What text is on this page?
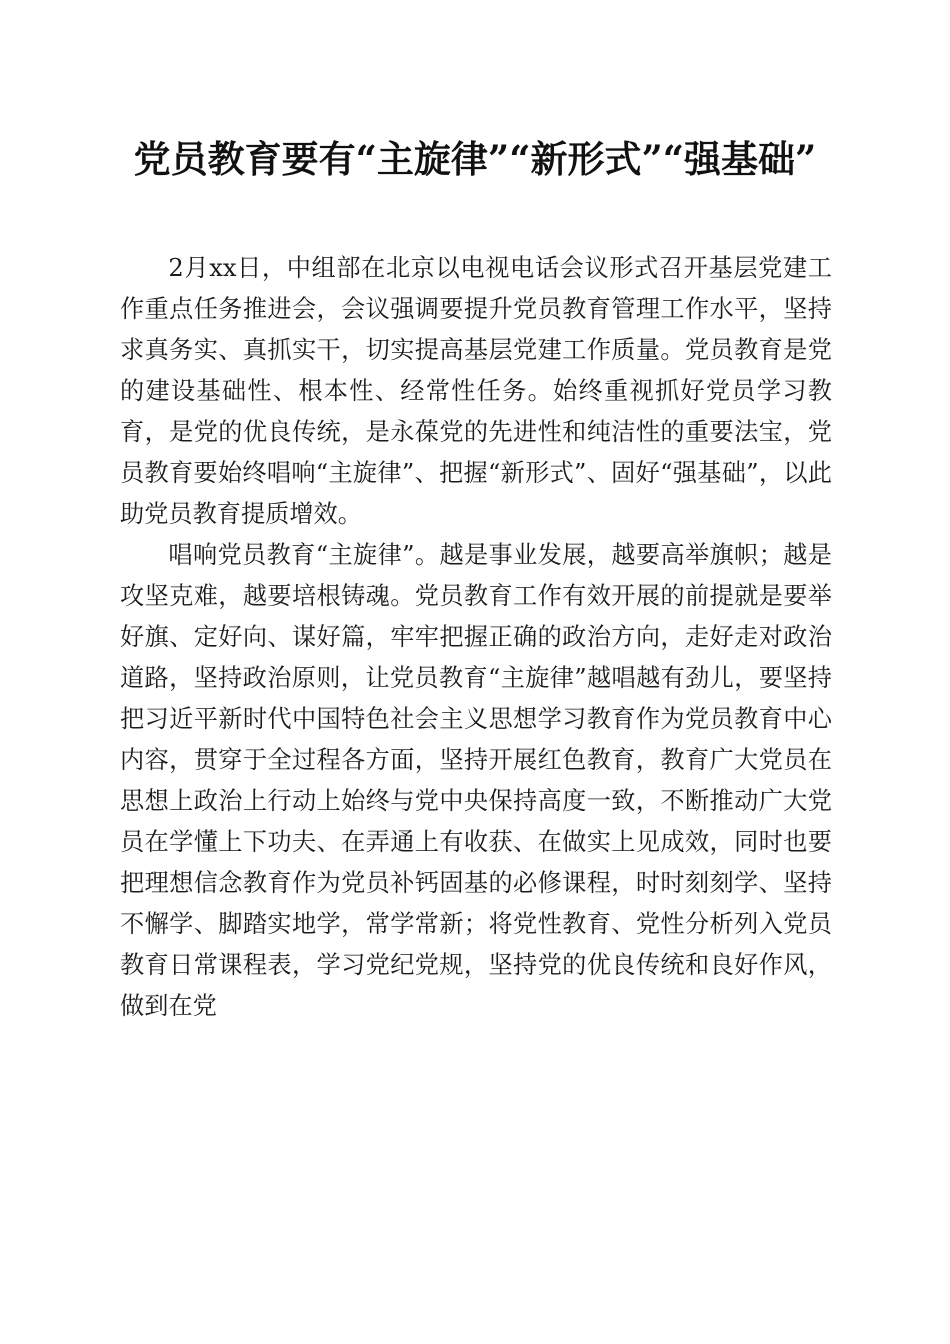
党员教育要有“主旋律”“新形式”“强基础”

2月xx日，中组部在北京以电视电话会议形式召开基层党建工作重点任务推进会，会议强调要提升党员教育管理工作水平，坚持求真务实、真抓实干，切实提高基层党建工作质量。党员教育是党的建设基础性、根本性、经常性任务。始终重视抓好党员学习教育，是党的优良传统，是永葆党的先进性和纯洁性的重要法宝，党员教育要始终唱响“主旋律”、把握“新形式”、固好“强基础”，以此助党员教育提质增效。

唱响党员教育“主旋律”。越是事业发展，越要高举旗帜；越是攻坚克难，越要培根铸魂。党员教育工作有效开展的前提就是要举好旗、定好向、谋好篇，牢牢把握正确的政治方向，走好走对政治道路，坚持政治原则，让党员教育“主旋律”越唱越有劲儿，要坚持把习近平新时代中国特色社会主义思想学习教育作为党员教育中心内容，贯穿于全过程各方面，坚持开展红色教育，教育广大党员在思想上政治上行动上始终与党中央保持高度一致，不断推动广大党员在学懂上下功夫、在弄通上有收获、在做实上见成效，同时也要把理想信念教育作为党员补钙固基的必修课程，时时刻刻学、坚持不懈学、脚踏实地学，常学常新；将党性教育、党性分析列入党员教育日常课程表，学习党纪党规，坚持党的优良传统和良好作风，做到在党
